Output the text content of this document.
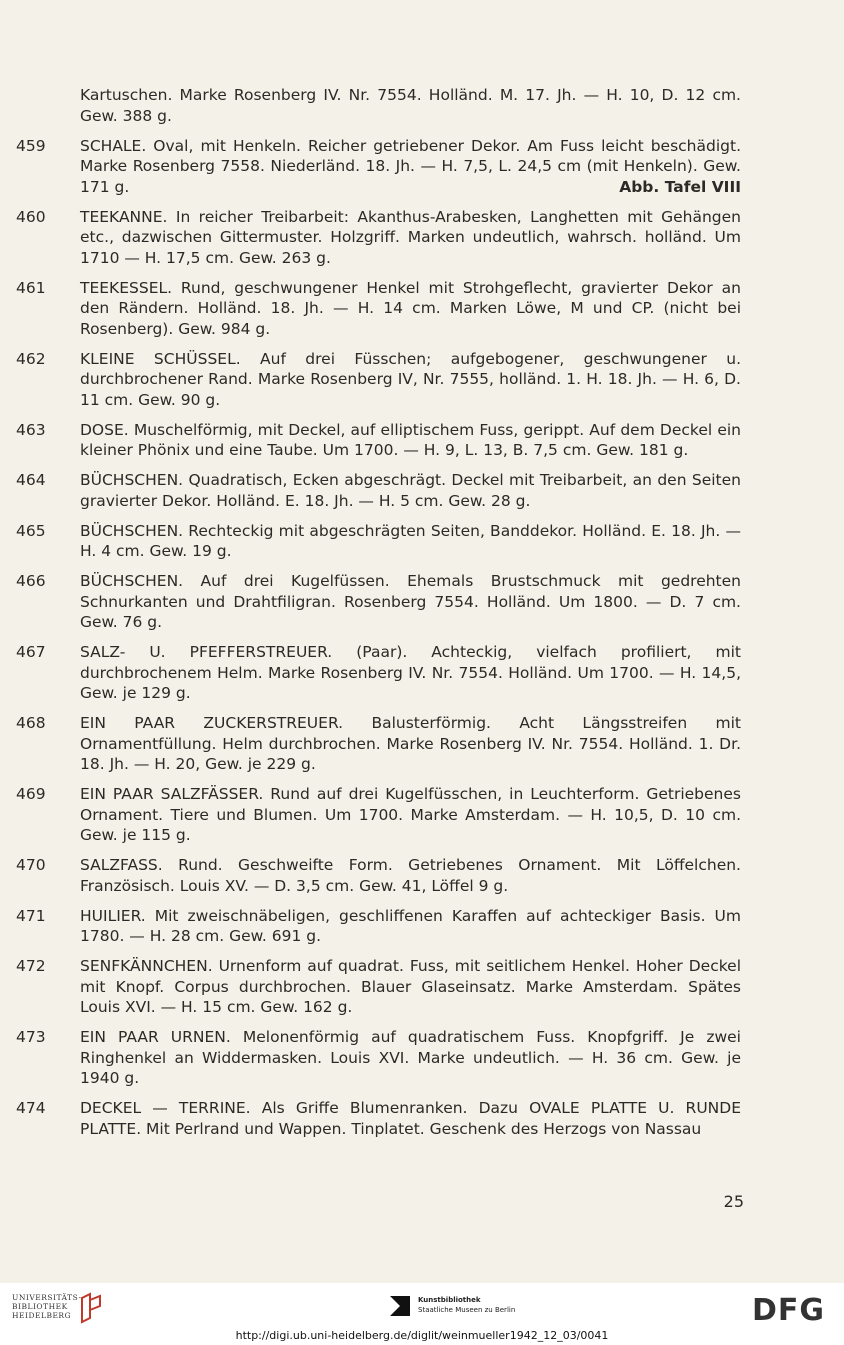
Kartuschen. Marke Rosenberg IV. Nr. 7554. Holländ. M. 17. Jh. — H. 10, D. 12 cm. Gew. 388 g.
459	SCHALE. Oval, mit Henkeln. Reicher getriebener Dekor. Am Fuss leicht beschädigt. Marke Rosenberg 7558. Niederländ. 18. Jh. — H. 7,5, L. 24,5 cm (mit Henkeln). Gew. 171 g.	Abb. Tafel VIII
460	TEEKANNE. In reicher Treibarbeit: Akanthus-Arabesken, Langhetten mit Gehängen etc., dazwischen Gittermuster. Holzgriff. Marken undeutlich, wahrsch. holländ. Um 1710 — H. 17,5 cm. Gew. 263 g.
461	TEEKESSEL. Rund, geschwungener Henkel mit Strohgeflecht, gravierter Dekor an den Rändern. Holländ. 18. Jh. — H. 14 cm. Marken Löwe, M und CP. (nicht bei Rosenberg). Gew. 984 g.
462	KLEINE SCHÜSSEL. Auf drei Füsschen; aufgebogener, geschwungener u. durchbrochener Rand. Marke Rosenberg IV, Nr. 7555, holländ. 1. H. 18. Jh. — H. 6, D. 11 cm. Gew. 90 g.
463	DOSE. Muschelförmig, mit Deckel, auf elliptischem Fuss, gerippt. Auf dem Deckel ein kleiner Phönix und eine Taube. Um 1700. — H. 9, L. 13, B. 7,5 cm. Gew. 181 g.
464	BÜCHSCHEN. Quadratisch, Ecken abgeschrägt. Deckel mit Treibarbeit, an den Seiten gravierter Dekor. Holländ. E. 18. Jh. — H. 5 cm. Gew. 28 g.
465	BÜCHSCHEN. Rechteckig mit abgeschrägten Seiten, Banddekor. Holländ. E. 18. Jh. — H. 4 cm. Gew. 19 g.
466	BÜCHSCHEN. Auf drei Kugelfüssen. Ehemals Brustschmuck mit gedrehten Schnurkanten und Drahtfiligran. Rosenberg 7554. Holländ. Um 1800. — D. 7 cm. Gew. 76 g.
467	SALZ- U. PFEFFERSTREUER. (Paar). Achteckig, vielfach profiliert, mit durchbrochenem Helm. Marke Rosenberg IV. Nr. 7554. Holländ. Um 1700. — H. 14,5, Gew. je 129 g.
468	EIN PAAR ZUCKERSTREUER. Balusterförmig. Acht Längsstreifen mit Ornamentfüllung. Helm durchbrochen. Marke Rosenberg IV. Nr. 7554. Holländ. 1. Dr. 18. Jh. — H. 20, Gew. je 229 g.
469	EIN PAAR SALZFÄSSER. Rund auf drei Kugelfüsschen, in Leuchterform. Getriebenes Ornament. Tiere und Blumen. Um 1700. Marke Amsterdam. — H. 10,5, D. 10 cm. Gew. je 115 g.
470	SALZFASS. Rund. Geschweifte Form. Getriebenes Ornament. Mit Löffelchen. Französisch. Louis XV. — D. 3,5 cm. Gew. 41, Löffel 9 g.
471	HUILIER. Mit zweischnäbeligen, geschliffenen Karaffen auf achteckiger Basis. Um 1780. — H. 28 cm. Gew. 691 g.
472	SENFKÄNNCHEN. Urnenform auf quadrat. Fuss, mit seitlichem Henkel. Hoher Deckel mit Knopf. Corpus durchbrochen. Blauer Glaseinsatz. Marke Amsterdam. Spätes Louis XVI. — H. 15 cm. Gew. 162 g.
473	EIN PAAR URNEN. Melonenförmig auf quadratischem Fuss. Knopfgriff. Je zwei Ringhenkel an Widdermasken. Louis XVI. Marke undeutlich. — H. 36 cm. Gew. je 1940 g.
474	DECKEL — TERRINE. Als Griffe Blumenranken. Dazu OVALE PLATTE U. RUNDE PLATTE. Mit Perlrand und Wappen. Tinplatet. Geschenk des Herzogs von Nassau
25
UNIVERSITÄTS-
BIBLIOTHEK
HEIDELBERG
Kunstbibliothek
Staatliche Museen zu Berlin	DFG
http://digi.ub.uni-heidelberg.de/diglit/weinmueller1942_12_03/0041
